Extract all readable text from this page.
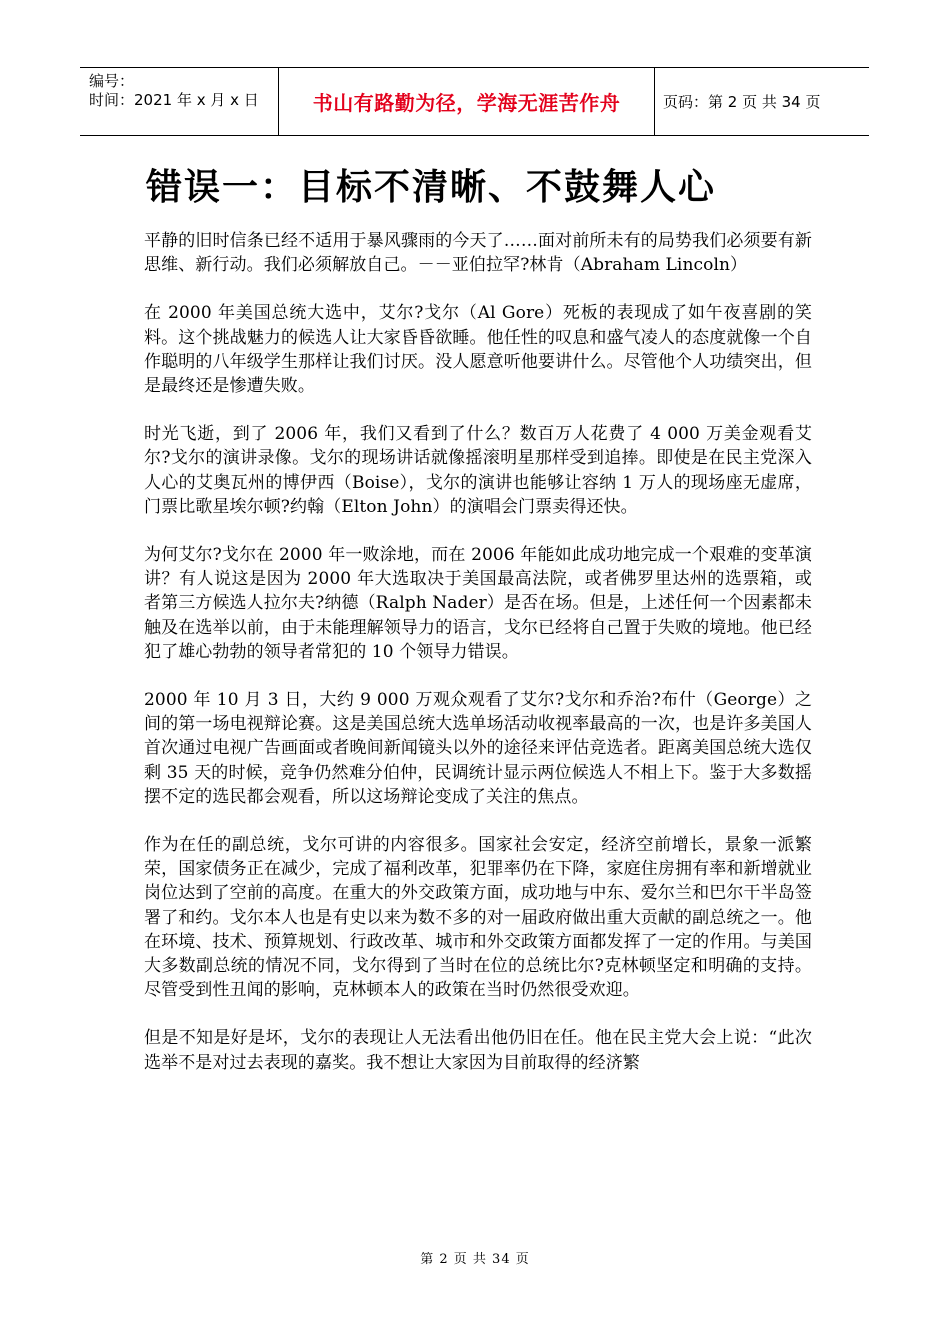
编号：
时间：2021 年 x 月 x 日	书山有路勤为径，学海无涯苦作舟	页码：第 2 页 共 34 页
错误一：目标不清晰、不鼓舞人心

平静的旧时信条已经不适用于暴风骤雨的今天了……面对前所未有的局势我们必须要有新思维、新行动。我们必须解放自己。－－亚伯拉罕?林肯（Abraham Lincoln）

在 2000 年美国总统大选中，艾尔?戈尔（Al Gore）死板的表现成了如午夜喜剧的笑料。这个挑战魅力的候选人让大家昏昏欲睡。他任性的叹息和盛气凌人的态度就像一个自作聪明的八年级学生那样让我们讨厌。没人愿意听他要讲什么。尽管他个人功绩突出，但是最终还是惨遭失败。

时光飞逝，到了 2006 年，我们又看到了什么？数百万人花费了 4 000 万美金观看艾尔?戈尔的演讲录像。戈尔的现场讲话就像摇滚明星那样受到追捧。即使是在民主党深入人心的艾奥瓦州的博伊西（Boise），戈尔的演讲也能够让容纳 1 万人的现场座无虚席，门票比歌星埃尔顿?约翰（Elton John）的演唱会门票卖得还快。

为何艾尔?戈尔在 2000 年一败涂地，而在 2006 年能如此成功地完成一个艰难的变革演讲？有人说这是因为 2000 年大选取决于美国最高法院，或者佛罗里达州的选票箱，或者第三方候选人拉尔夫?纳德（Ralph Nader）是否在场。但是，上述任何一个因素都未触及在选举以前，由于未能理解领导力的语言，戈尔已经将自己置于失败的境地。他已经犯了雄心勃勃的领导者常犯的 10 个领导力错误。

2000 年 10 月 3 日，大约 9 000 万观众观看了艾尔?戈尔和乔治?布什（George）之间的第一场电视辩论赛。这是美国总统大选单场活动收视率最高的一次，也是许多美国人首次通过电视广告画面或者晚间新闻镜头以外的途径来评估竞选者。距离美国总统大选仅剩 35 天的时候，竞争仍然难分伯仲，民调统计显示两位候选人不相上下。鉴于大多数摇摆不定的选民都会观看，所以这场辩论变成了关注的焦点。

作为在任的副总统，戈尔可讲的内容很多。国家社会安定，经济空前增长，景象一派繁荣，国家债务正在减少，完成了福利改革，犯罪率仍在下降，家庭住房拥有率和新增就业岗位达到了空前的高度。在重大的外交政策方面，成功地与中东、爱尔兰和巴尔干半岛签署了和约。戈尔本人也是有史以来为数不多的对一届政府做出重大贡献的副总统之一。他在环境、技术、预算规划、行政改革、城市和外交政策方面都发挥了一定的作用。与美国大多数副总统的情况不同，戈尔得到了当时在位的总统比尔?克林顿坚定和明确的支持。尽管受到性丑闻的影响，克林顿本人的政策在当时仍然很受欢迎。

但是不知是好是坏，戈尔的表现让人无法看出他仍旧在任。他在民主党大会上说：“此次选举不是对过去表现的嘉奖。我不想让大家因为目前取得的经济繁

第 2 页 共 34 页
